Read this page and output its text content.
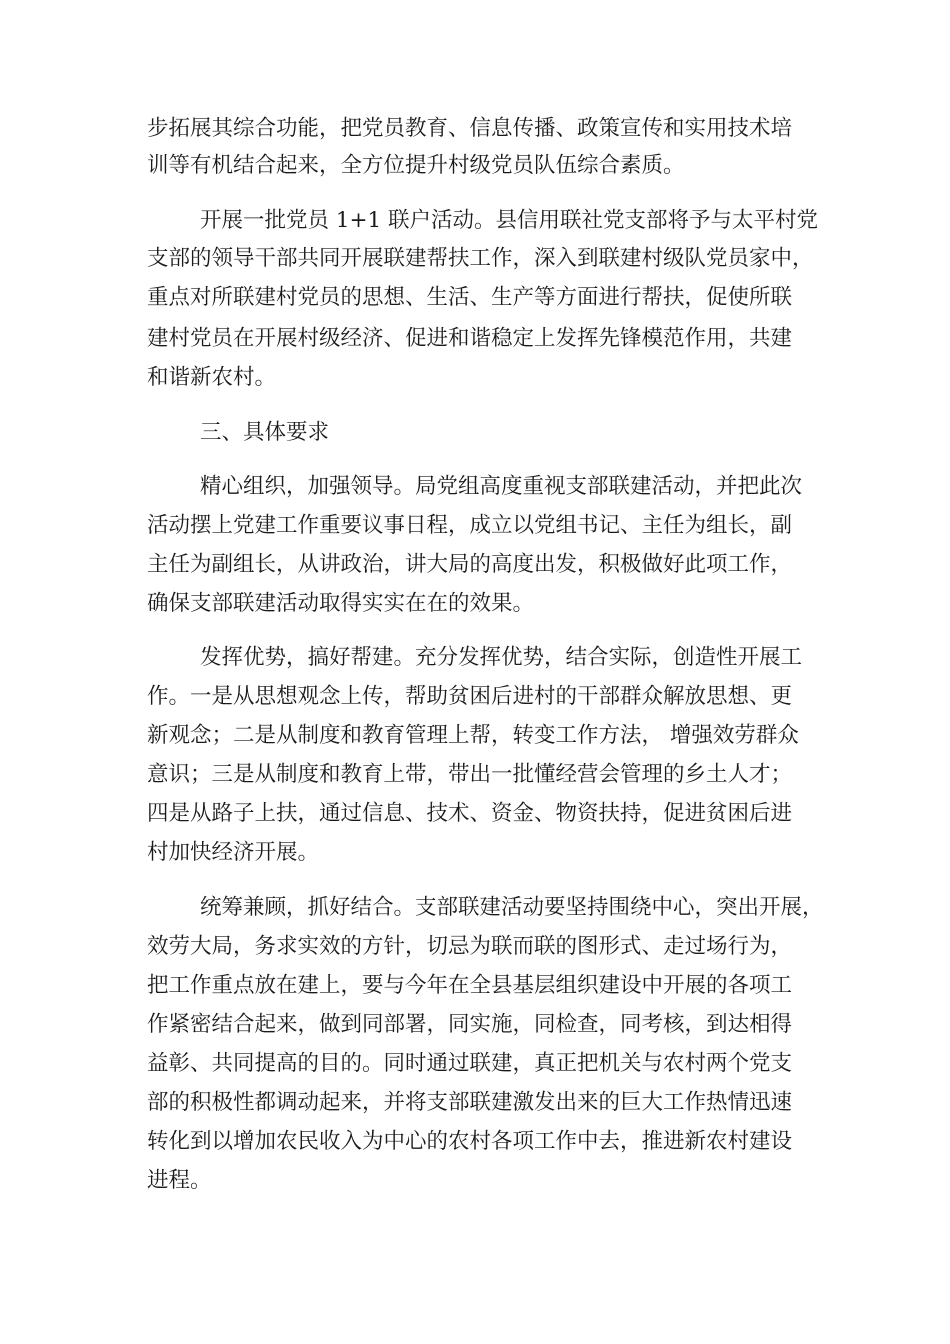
步拓展其综合功能，把党员教育、信息传播、政策宣传和实用技术培

训等有机结合起来，全方位提升村级党员队伍综合素质。

开展一批党员 1+1 联户活动。县信用联社党支部将予与太平村党

支部的领导干部共同开展联建帮扶工作，深入到联建村级队党员家中，

重点对所联建村党员的思想、生活、生产等方面进行帮扶，促使所联

建村党员在开展村级经济、促进和谐稳定上发挥先锋模范作用，共建

和谐新农村。

三、具体要求

精心组织，加强领导。局党组高度重视支部联建活动，并把此次

活动摆上党建工作重要议事日程，成立以党组书记、主任为组长，副

主任为副组长，从讲政治，讲大局的高度出发，积极做好此项工作，

确保支部联建活动取得实实在在的效果。

发挥优势，搞好帮建。充分发挥优势，结合实际，创造性开展工

作。一是从思想观念上传，帮助贫困后进村的干部群众解放思想、更

新观念；二是从制度和教育管理上帮，转变工作方法， 增强效劳群众

意识；三是从制度和教育上带，带出一批懂经营会管理的乡土人才；

四是从路子上扶，通过信息、技术、资金、物资扶持，促进贫困后进

村加快经济开展。

统筹兼顾，抓好结合。支部联建活动要坚持围绕中心，突出开展，

效劳大局，务求实效的方针，切忌为联而联的图形式、走过场行为，

把工作重点放在建上，要与今年在全县基层组织建设中开展的各项工

作紧密结合起来，做到同部署，同实施，同检查，同考核，到达相得

益彰、共同提高的目的。同时通过联建，真正把机关与农村两个党支

部的积极性都调动起来，并将支部联建激发出来的巨大工作热情迅速

转化到以增加农民收入为中心的农村各项工作中去，推进新农村建设

进程。
